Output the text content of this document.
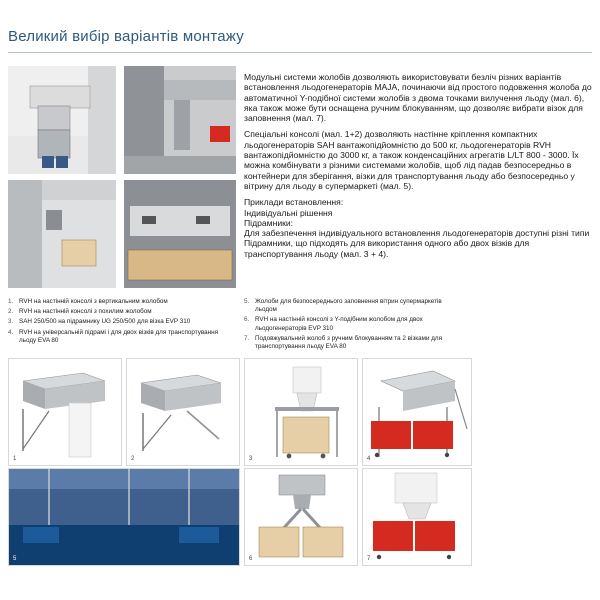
Великий вибір варіантів монтажу

Модульні системи жолобів дозволяють використовувати безліч різних варіантів встановлення льодогенераторів MAJA, починаючи від простого подовження жолоба до автоматичної Y-подібної системи жолобів з двома точками вилучення льоду (мал. 6), яка також може бути оснащена ручним блокуванням, що дозволяє вибрати візок для заповнення (мал. 7).

Спеціальні консолі (мал. 1+2) дозволяють настінне кріплення компактних льодогенераторів SAH вантажопідйомністю до 500 кг, льодогенераторів RVH вантажопідйомністю до 3000 кг, а також конденсаційних агрегатів L/LT 800 - 3000. Їх можна комбінувати з різними системами жолобів, щоб лід падав безпосередньо в контейнери для зберігання, візки для транспортування льоду або безпосередньо у вітрину для льоду в супермаркеті (мал. 5).

Приклади встановлення:

Індивідуальні рішення

Підрамники:

Для забезпечення індивідуального встановлення льодогенераторів доступні різні типи

Підрамники, що підходять для використання одного або двох візків для транспортування льоду (мал. 3 + 4).

1. RVH на настінній консолі з вертикальним жолобом
2. RVH на настінній консолі з похилим жолобом
3. SAH 250/500 на підрамнику UG 250/500 для візка EVP 310
4. RVH на універсальній підрамі і для двох візків для транспортування льоду EVA 80
5. Жолоби для безпосереднього заповнення вітрин супермаркетів льодом
6. RVH на настінній консолі з Y-подібним жолобом для двох льодогенераторів EVP 310
7. Подовжувальний жолоб з ручним блокуванням та 2 візками для транспортування льоду EVA 80
1	2	3	4
5	6	7
